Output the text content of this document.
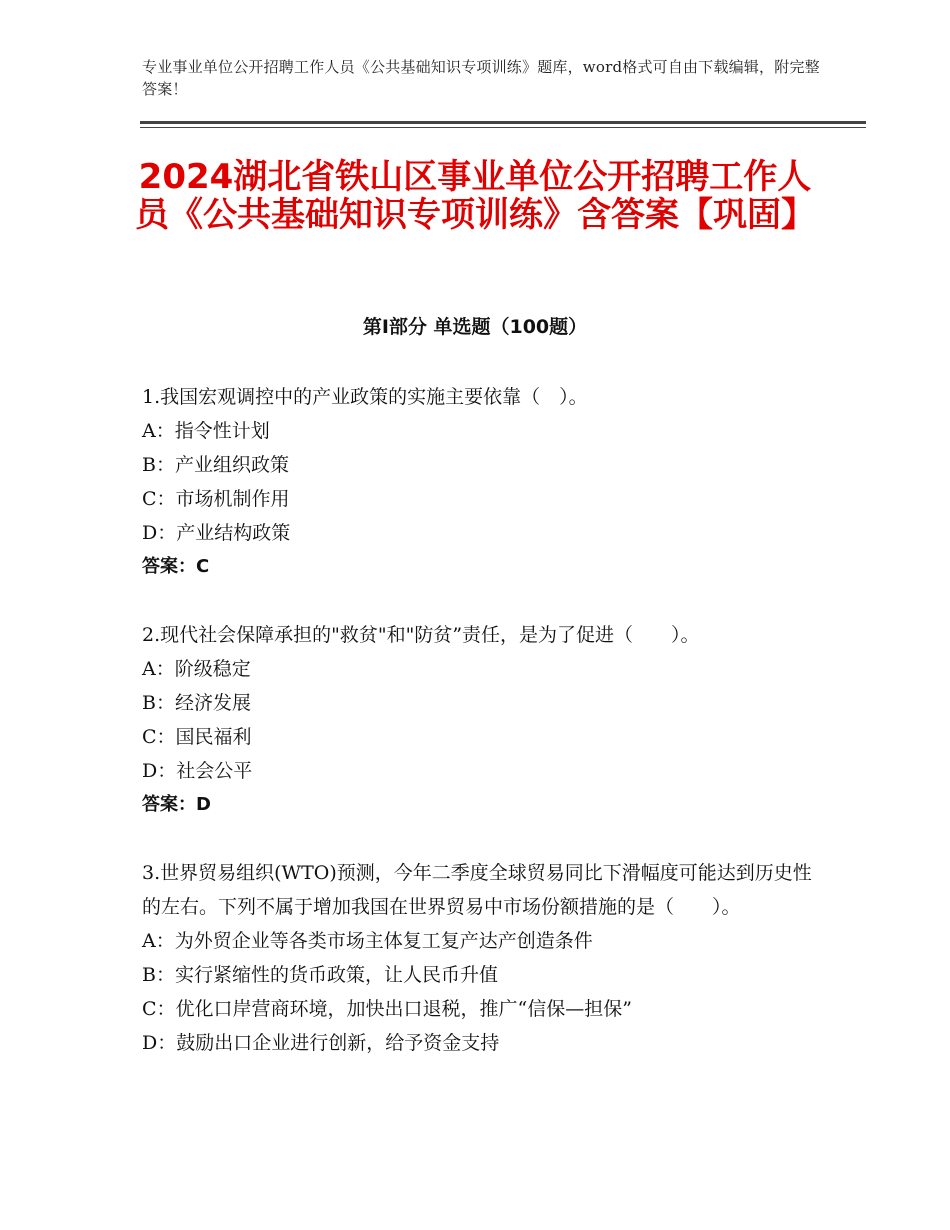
专业事业单位公开招聘工作人员《公共基础知识专项训练》题库，word格式可自由下载编辑，附完整答案！
2024湖北省铁山区事业单位公开招聘工作人员《公共基础知识专项训练》含答案【巩固】
第Ⅰ部分 单选题（100题）

1.我国宏观调控中的产业政策的实施主要依靠（　）。

A：指令性计划

B：产业组织政策

C：市场机制作用

D：产业结构政策

答案：C

2.现代社会保障承担的"救贫"和"防贫”责任，是为了促进（　　）。

A：阶级稳定

B：经济发展

C：国民福利

D：社会公平

答案：D

3.世界贸易组织(WTO)预测，今年二季度全球贸易同比下滑幅度可能达到历史性的左右。下列不属于增加我国在世界贸易中市场份额措施的是（　　）。

A：为外贸企业等各类市场主体复工复产达产创造条件

B：实行紧缩性的货币政策，让人民币升值

C：优化口岸营商环境，加快出口退税，推广“信保—担保”

D：鼓励出口企业进行创新，给予资金支持
